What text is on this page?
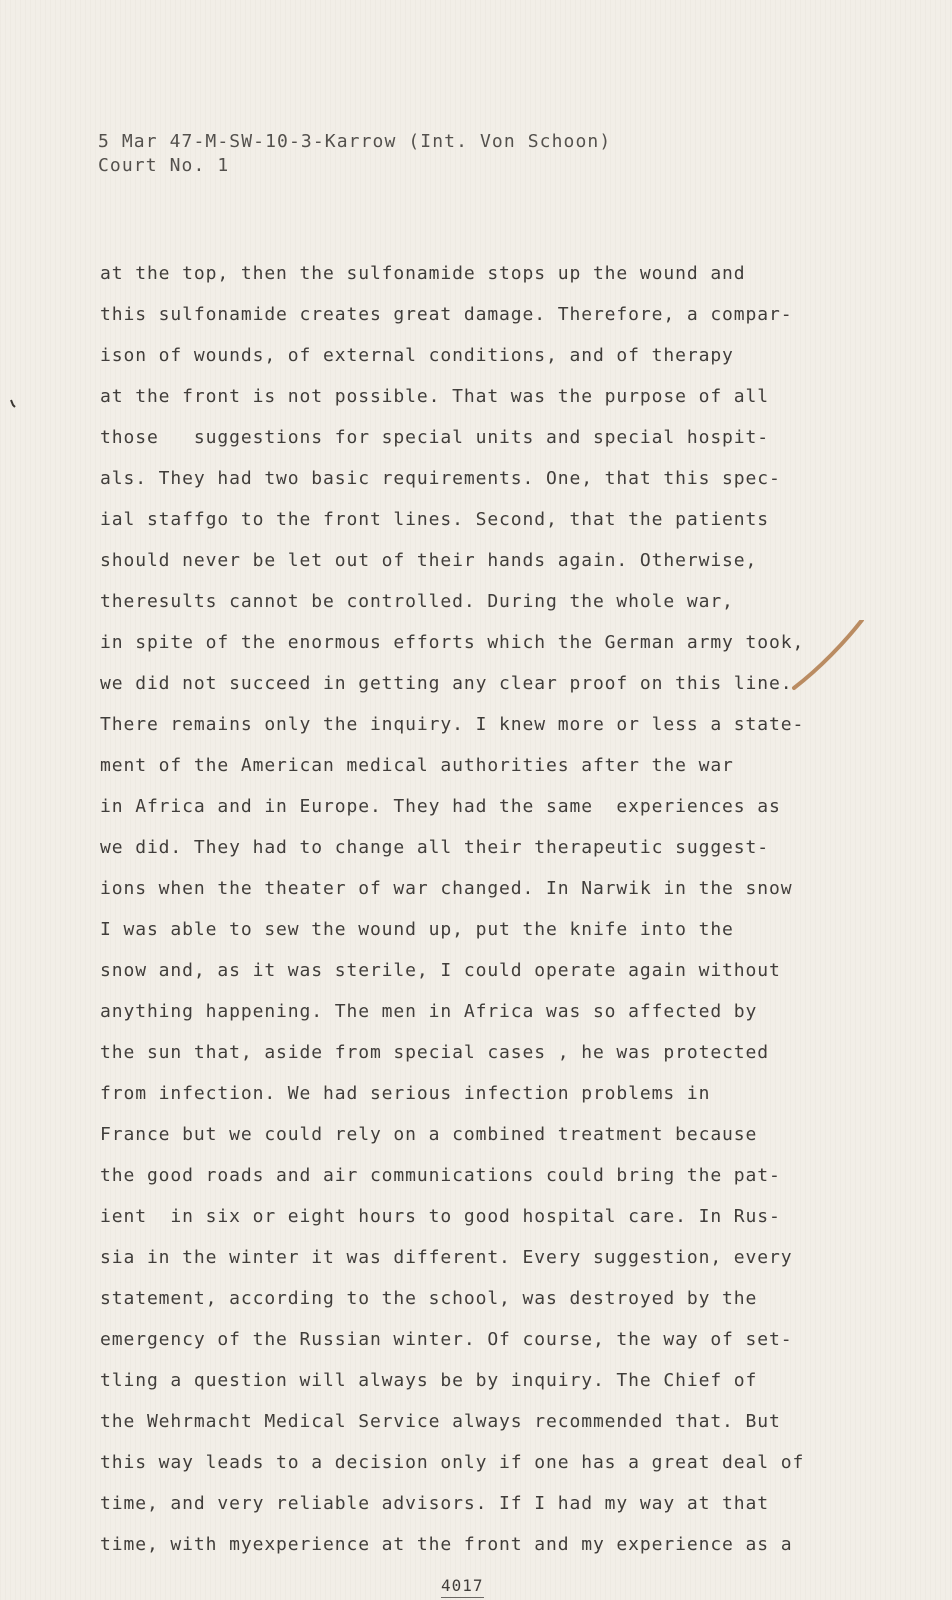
5 Mar 47-M-SW-10-3-Karrow (Int. Von Schoon)
Court No. 1
at the top, then the sulfonamide stops up the wound and
this sulfonamide creates great damage. Therefore, a compar-
ison of wounds, of external conditions, and of therapy
at the front is not possible. That was the purpose of all
those   suggestions for special units and special hospit-
als. They had two basic requirements. One, that this spec-
ial staffgo to the front lines. Second, that the patients
should never be let out of their hands again. Otherwise,
theresults cannot be controlled. During the whole war,
in spite of the enormous efforts which the German army took,
we did not succeed in getting any clear proof on this line.
There remains only the inquiry. I knew more or less a state-
ment of the American medical authorities after the war
in Africa and in Europe. They had the same  experiences as
we did. They had to change all their therapeutic suggest-
ions when the theater of war changed. In Narwik in the snow
I was able to sew the wound up, put the knife into the
snow and, as it was sterile, I could operate again without
anything happening. The men in Africa was so affected by
the sun that, aside from special cases , he was protected
from infection. We had serious infection problems in
France but we could rely on a combined treatment because
the good roads and air communications could bring the pat-
ient  in six or eight hours to good hospital care. In Rus-
sia in the winter it was different. Every suggestion, every
statement, according to the school, was destroyed by the
emergency of the Russian winter. Of course, the way of set-
tling a question will always be by inquiry. The Chief of
the Wehrmacht Medical Service always recommended that. But
this way leads to a decision only if one has a great deal of
time, and very reliable advisors. If I had my way at that
time, with myexperience at the front and my experience as a
4017
